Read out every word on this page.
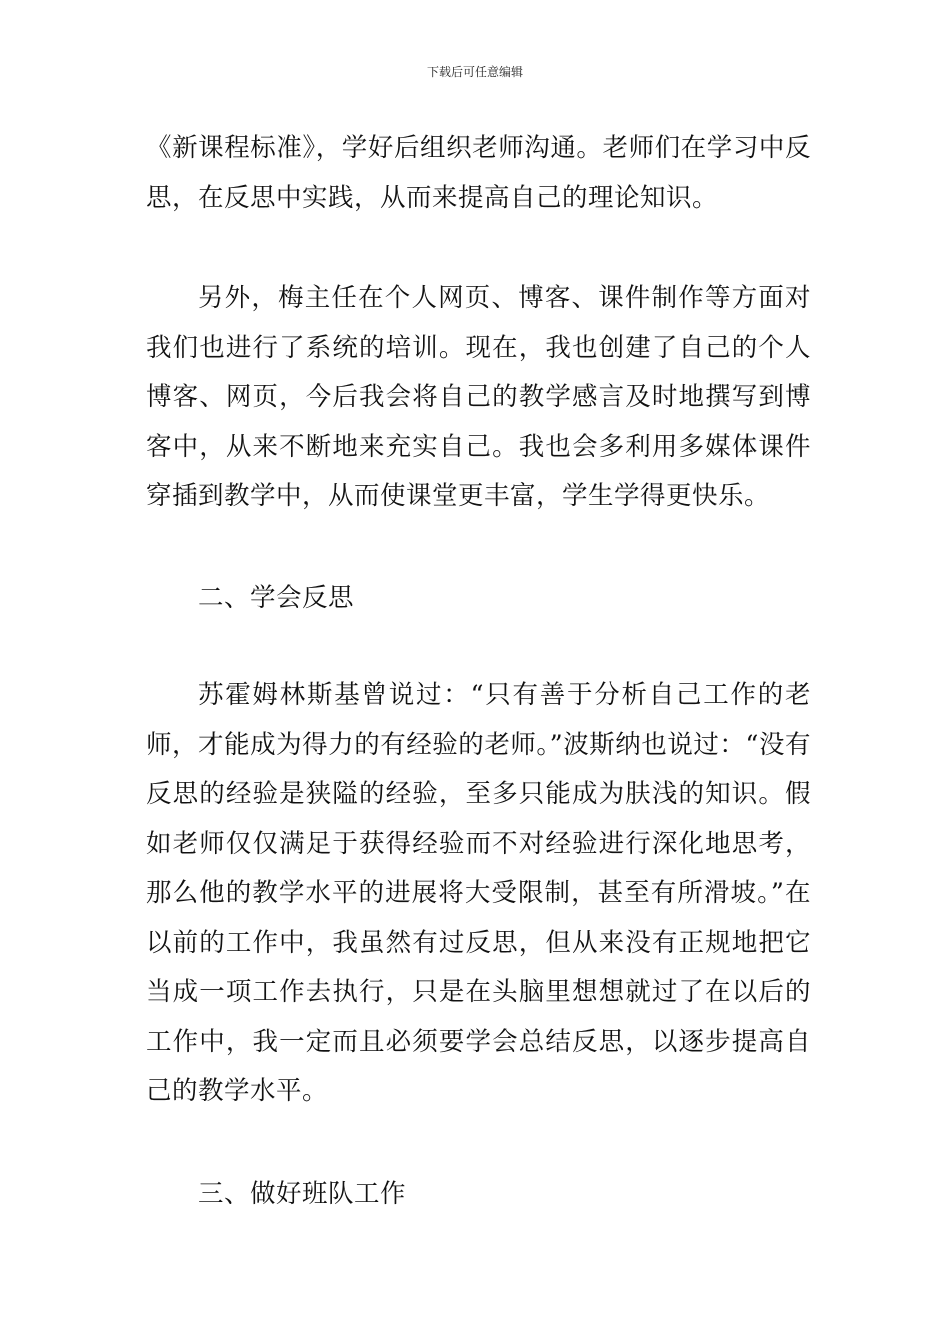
下载后可任意编辑

《新课程标准》，学好后组织老师沟通。老师们在学习中反思，在反思中实践，从而来提高自己的理论知识。

另外，梅主任在个人网页、博客、课件制作等方面对我们也进行了系统的培训。现在，我也创建了自己的个人博客、网页，今后我会将自己的教学感言及时地撰写到博客中，从来不断地来充实自己。我也会多利用多媒体课件穿插到教学中，从而使课堂更丰富，学生学得更快乐。

二、学会反思

苏霍姆林斯基曾说过：“只有善于分析自己工作的老师，才能成为得力的有经验的老师。”波斯纳也说过：“没有反思的经验是狭隘的经验，至多只能成为肤浅的知识。假如老师仅仅满足于获得经验而不对经验进行深化地思考，那么他的教学水平的进展将大受限制，甚至有所滑坡。”在以前的工作中，我虽然有过反思，但从来没有正规地把它当成一项工作去执行，只是在头脑里想想就过了在以后的工作中，我一定而且必须要学会总结反思，以逐步提高自己的教学水平。

三、做好班队工作
